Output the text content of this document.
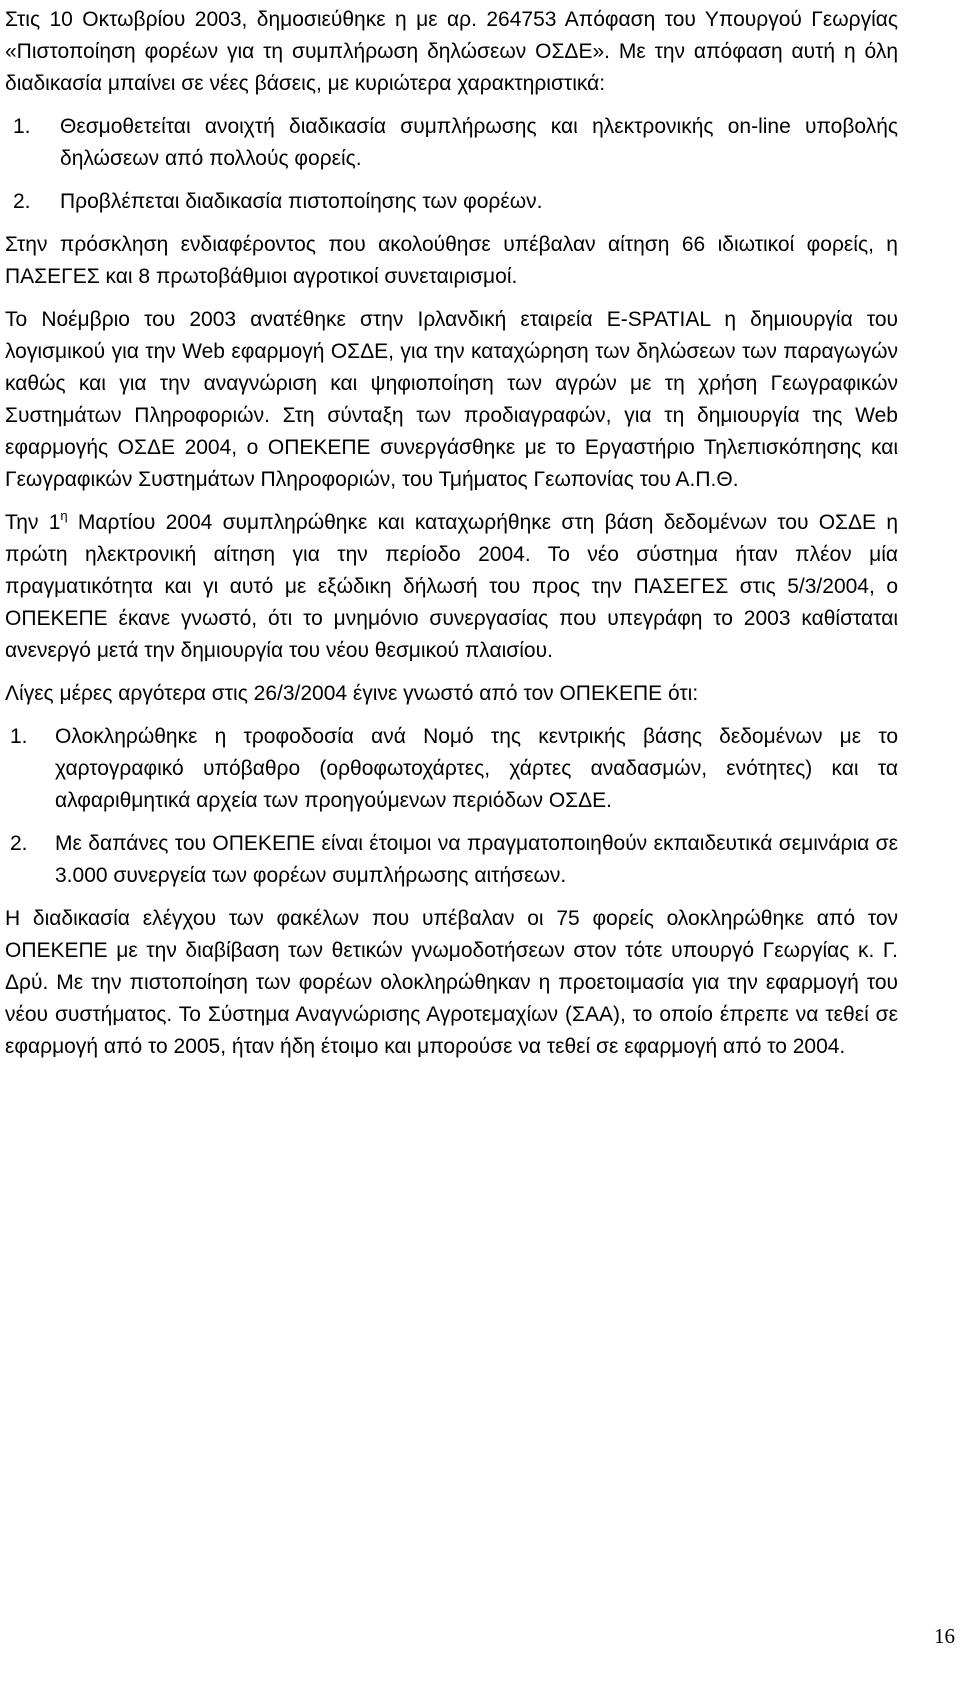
Στις 10 Οκτωβρίου 2003, δημοσιεύθηκε η με αρ. 264753 Απόφαση του Υπουργού Γεωργίας «Πιστοποίηση φορέων για τη συμπλήρωση δηλώσεων ΟΣΔΕ». Με την απόφαση αυτή η όλη διαδικασία μπαίνει σε νέες βάσεις, με κυριώτερα χαρακτηριστικά:

1.	Θεσμοθετείται ανοιχτή διαδικασία συμπλήρωσης και ηλεκτρονικής on-line υποβολής δηλώσεων από πολλούς φορείς.
2.	Προβλέπεται διαδικασία πιστοποίησης των φορέων.

Στην πρόσκληση ενδιαφέροντος που ακολούθησε υπέβαλαν αίτηση 66 ιδιωτικοί φορείς, η ΠΑΣΕΓΕΣ και 8 πρωτοβάθμιοι αγροτικοί συνεταιρισμοί.

Το Νοέμβριο του 2003 ανατέθηκε στην Ιρλανδική εταιρεία E-SPATIAL η δημιουργία του λογισμικού για την Web εφαρμογή ΟΣΔΕ, για την καταχώρηση των δηλώσεων των παραγωγών καθώς και για την αναγνώριση και ψηφιοποίηση των αγρών με τη χρήση Γεωγραφικών Συστημάτων Πληροφοριών. Στη σύνταξη των προδιαγραφών, για τη δημιουργία της Web εφαρμογής ΟΣΔΕ 2004, ο ΟΠΕΚΕΠΕ συνεργάσθηκε με το Εργαστήριο Τηλεπισκόπησης και Γεωγραφικών Συστημάτων Πληροφοριών, του Τμήματος Γεωπονίας του Α.Π.Θ.

Την $1^\eta$ Μαρτίου 2004 συμπληρώθηκε και καταχωρήθηκε στη βάση δεδομένων του ΟΣΔΕ η πρώτη ηλεκτρονική αίτηση για την περίοδο 2004. Το νέο σύστημα ήταν πλέον μία πραγματικότητα και γι αυτό με εξώδικη δήλωσή του προς την ΠΑΣΕΓΕΣ στις 5/3/2004, ο ΟΠΕΚΕΠΕ έκανε γνωστό, ότι το μνημόνιο συνεργασίας που υπεγράφη το 2003 καθίσταται ανενεργό μετά την δημιουργία του νέου θεσμικού πλαισίου.

Λίγες μέρες αργότερα στις 26/3/2004 έγινε γνωστό από τον ΟΠΕΚΕΠΕ ότι:

1.	Ολοκληρώθηκε η τροφοδοσία ανά Νομό της κεντρικής βάσης δεδομένων με το χαρτογραφικό υπόβαθρο (ορθοφωτοχάρτες, χάρτες αναδασμών, ενότητες) και τα αλφαριθμητικά αρχεία των προηγούμενων περιόδων ΟΣΔΕ.
2.	Με δαπάνες του ΟΠΕΚΕΠΕ είναι έτοιμοι να πραγματοποιηθούν εκπαιδευτικά σεμινάρια σε 3.000 συνεργεία των φορέων συμπλήρωσης αιτήσεων.

Η διαδικασία ελέγχου των φακέλων που υπέβαλαν οι 75 φορείς ολοκληρώθηκε από τον ΟΠΕΚΕΠΕ με την διαβίβαση των θετικών γνωμοδοτήσεων στον τότε υπουργό Γεωργίας κ. Γ. Δρύ. Με την πιστοποίηση των φορέων ολοκληρώθηκαν η προετοιμασία για την εφαρμογή του νέου συστήματος. Το Σύστημα Αναγνώρισης Αγροτεμαχίων (ΣΑΑ), το οποίο έπρεπε να τεθεί σε εφαρμογή από το 2005, ήταν ήδη έτοιμο και μπορούσε να τεθεί σε εφαρμογή από το 2004.

16
